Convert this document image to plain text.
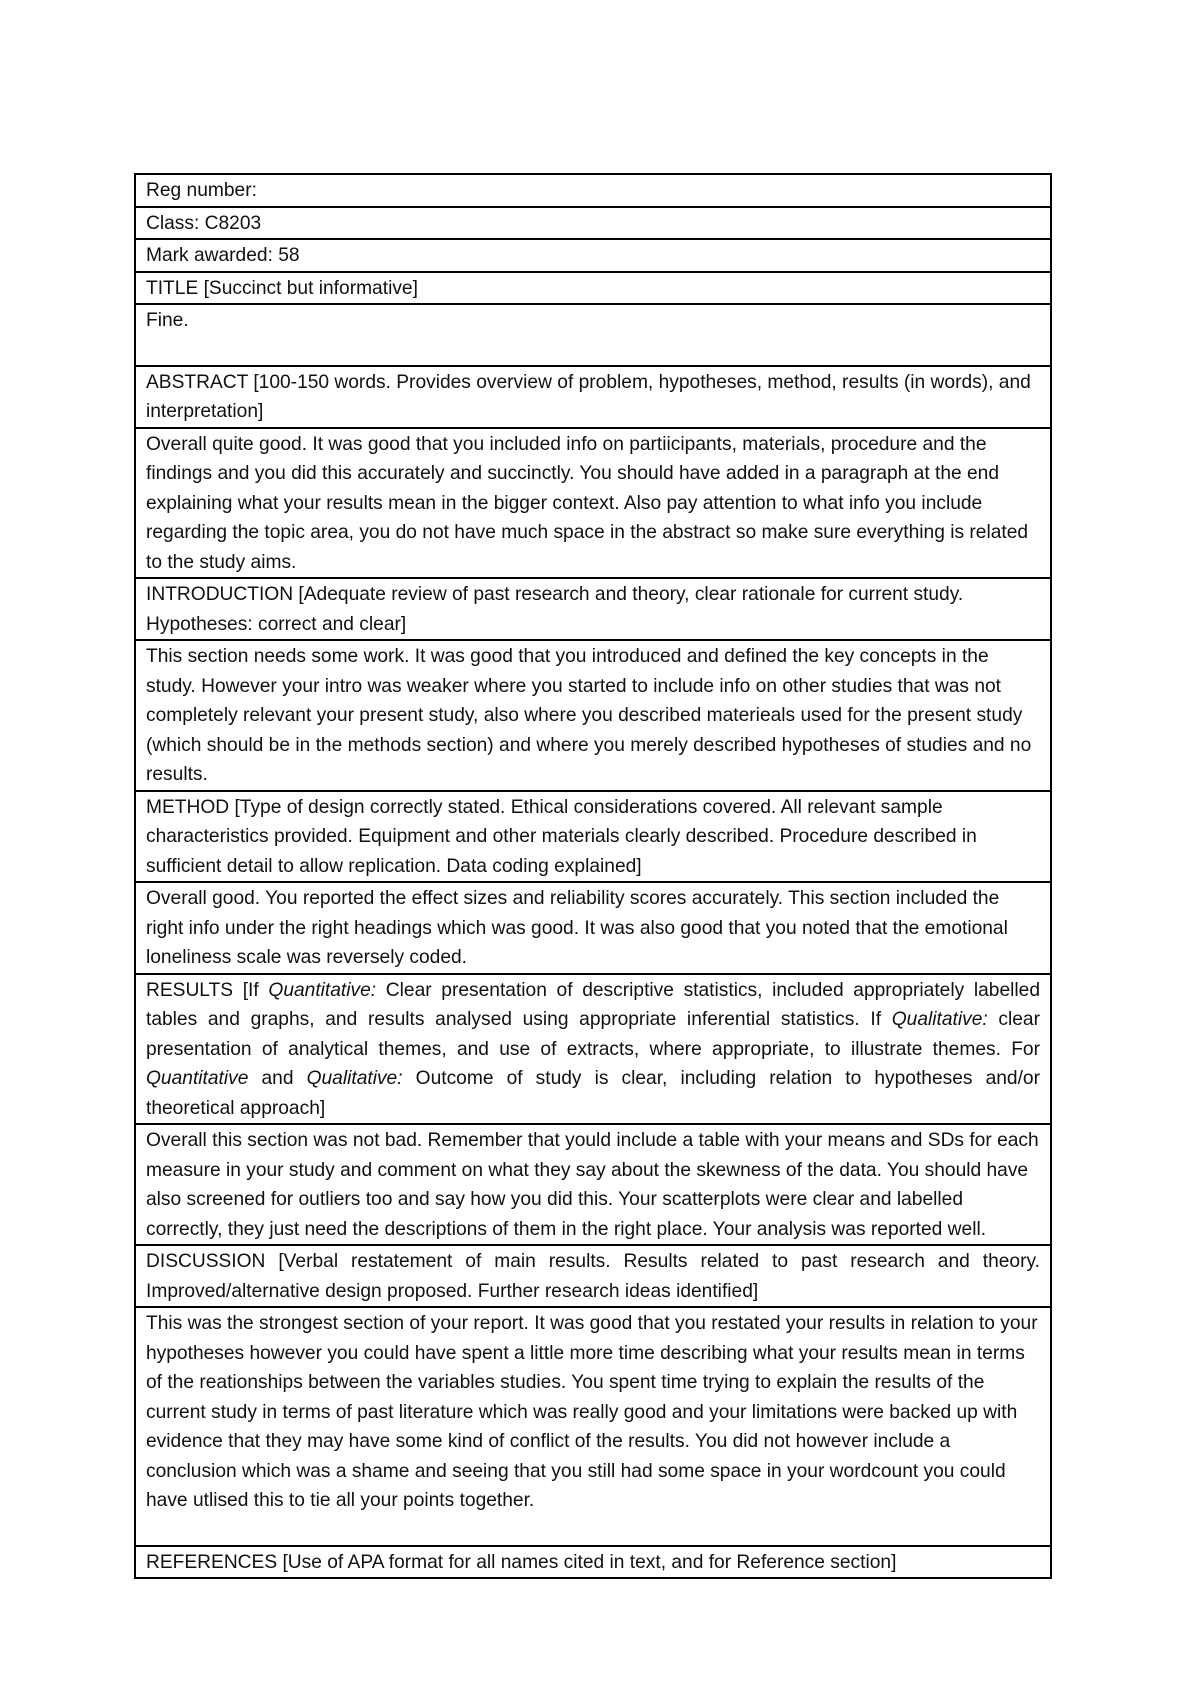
Reg number:

Class: C8203

Mark awarded: 58

TITLE [Succinct but informative]

Fine.

ABSTRACT [100-150 words. Provides overview of problem, hypotheses, method, results (in words), and interpretation]

Overall quite good. It was good that you included info on partiicipants, materials, procedure and the findings and you did this accurately and succinctly. You should have added in a paragraph at the end explaining what your results mean in the bigger context. Also pay attention to what info you include regarding the topic area, you do not have much space in the abstract so make sure everything is related to the study aims.

INTRODUCTION [Adequate review of past research and theory, clear rationale for current study. Hypotheses: correct and clear]

This section needs some work. It was good that you introduced and defined the key concepts in the study. However your intro was weaker where you started to include info on other studies that was not completely relevant your present study, also where you described materieals used for the present study (which should be in the methods section) and where you merely described hypotheses of studies and no results.

METHOD [Type of design correctly stated. Ethical considerations covered. All relevant sample characteristics provided. Equipment and other materials clearly described. Procedure described in sufficient detail to allow replication. Data coding explained]

Overall good. You reported the effect sizes and reliability scores accurately. This section included the right info under the right headings which was good. It was also good that you noted that the emotional loneliness scale was reversely coded.

RESULTS [If Quantitative: Clear presentation of descriptive statistics, included appropriately labelled tables and graphs, and results analysed using appropriate inferential statistics. If Qualitative: clear presentation of analytical themes, and use of extracts, where appropriate, to illustrate themes. For Quantitative and Qualitative: Outcome of study is clear, including relation to hypotheses and/or theoretical approach]

Overall this section was not bad. Remember that yould include a table with your means and SDs for each measure in your study and comment on what they say about the skewness of the data. You should have also screened for outliers too and say how you did this. Your scatterplots were clear and labelled correctly, they just need the descriptions of them in the right place. Your analysis was reported well.

DISCUSSION [Verbal restatement of main results. Results related to past research and theory. Improved/alternative design proposed. Further research ideas identified]

This was the strongest section of your report. It was good that you restated your results in relation to your hypotheses however you could have spent a little more time describing what your results mean in terms of the reationships between the variables studies. You spent time trying to explain the results of the current study in terms of past literature which was really good and your limitations were backed up with evidence that they may have some kind of conflict of the results. You did not however include a conclusion which was a shame and seeing that you still had some space in your wordcount you could have utlised this to tie all your points together.

REFERENCES [Use of APA format for all names cited in text, and for Reference section]
